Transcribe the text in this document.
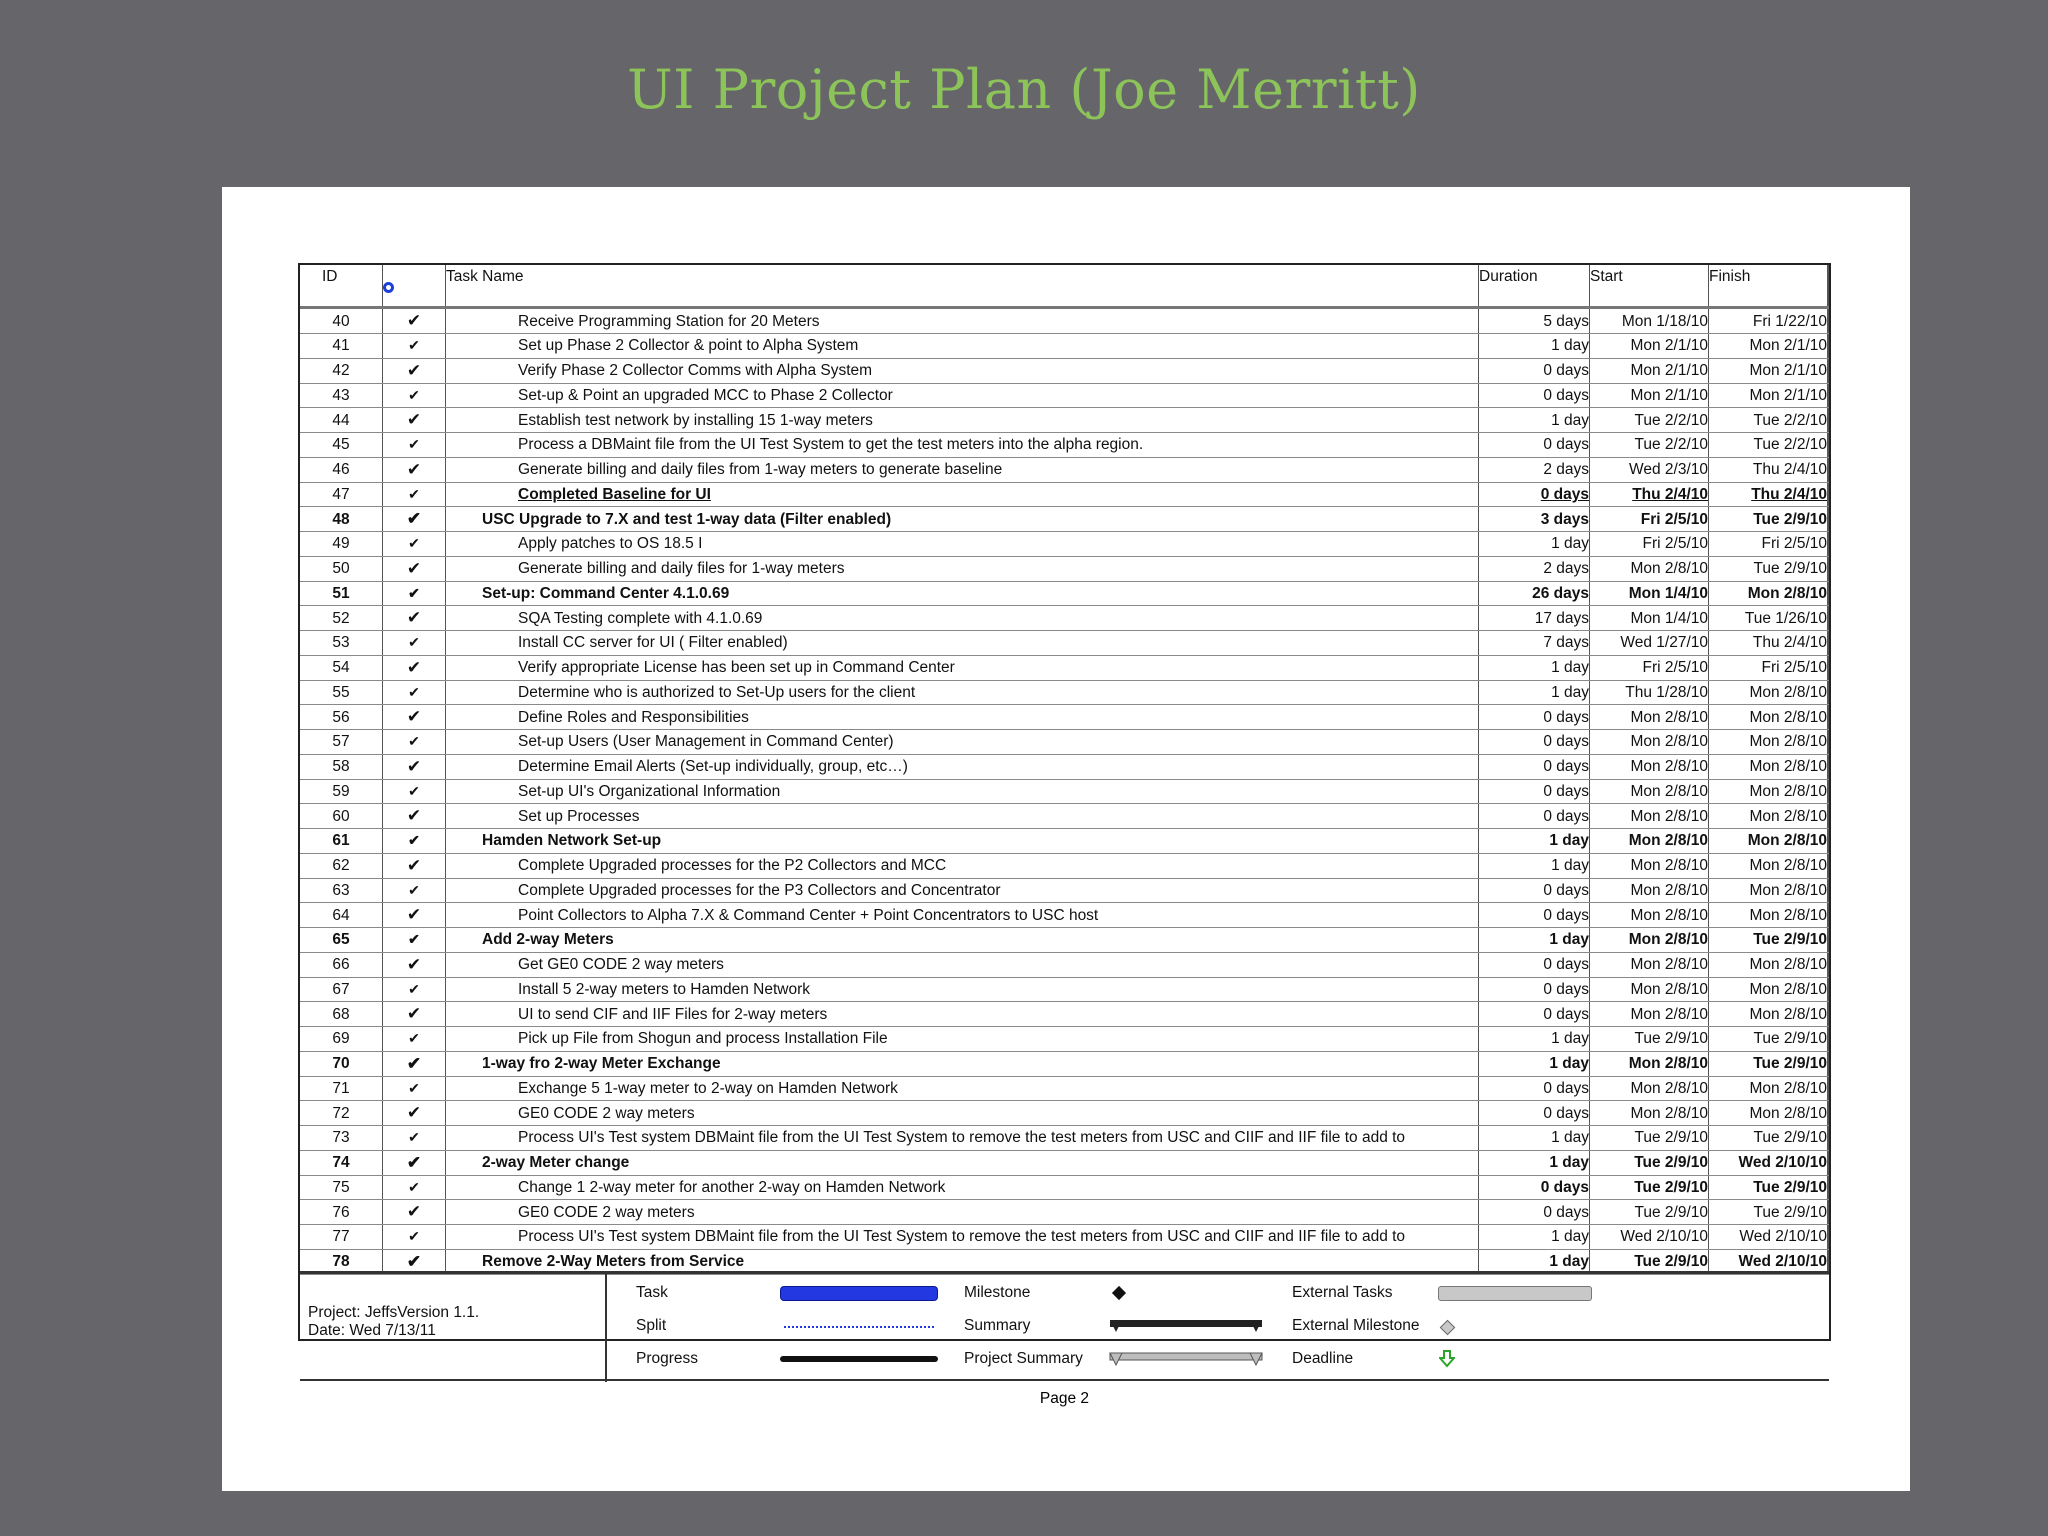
UI Project Plan (Joe Merritt)
ID		Task Name	Duration	Start	Finish	
40	✔	Receive Programming Station for 20 Meters	5 days	Mon 1/18/10	Fri 1/22/10	
41	✔	Set up Phase 2 Collector & point to Alpha System	1 day	Mon 2/1/10	Mon 2/1/10	
42	✔	Verify Phase 2 Collector Comms with Alpha System	0 days	Mon 2/1/10	Mon 2/1/10	
43	✔	Set-up & Point an upgraded MCC to Phase 2 Collector	0 days	Mon 2/1/10	Mon 2/1/10	
44	✔	Establish test network by installing 15 1-way meters	1 day	Tue 2/2/10	Tue 2/2/10	
45	✔	Process a DBMaint file from the UI Test System to get the test meters into the alpha region.	0 days	Tue 2/2/10	Tue 2/2/10	
46	✔	Generate billing and daily files from 1-way meters to generate baseline	2 days	Wed 2/3/10	Thu 2/4/10	
47	✔	Completed Baseline for UI	0 days	Thu 2/4/10	Thu 2/4/10	
48	✔	USC Upgrade to 7.X and test 1-way data (Filter enabled)	3 days	Fri 2/5/10	Tue 2/9/10	
49	✔	Apply patches to OS 18.5 I	1 day	Fri 2/5/10	Fri 2/5/10	
50	✔	Generate billing and daily files for 1-way meters	2 days	Mon 2/8/10	Tue 2/9/10	
51	✔	Set-up: Command Center 4.1.0.69	26 days	Mon 1/4/10	Mon 2/8/10	
52	✔	SQA Testing complete with 4.1.0.69	17 days	Mon 1/4/10	Tue 1/26/10	
53	✔	Install CC server for UI ( Filter enabled)	7 days	Wed 1/27/10	Thu 2/4/10	
54	✔	Verify appropriate License has been set up in Command Center	1 day	Fri 2/5/10	Fri 2/5/10	
55	✔	Determine who is authorized to Set-Up users for the client	1 day	Thu 1/28/10	Mon 2/8/10	
56	✔	Define Roles and Responsibilities	0 days	Mon 2/8/10	Mon 2/8/10	
57	✔	Set-up Users (User Management in Command Center)	0 days	Mon 2/8/10	Mon 2/8/10	
58	✔	Determine Email Alerts (Set-up individually, group, etc…)	0 days	Mon 2/8/10	Mon 2/8/10	
59	✔	Set-up UI's Organizational Information	0 days	Mon 2/8/10	Mon 2/8/10	
60	✔	Set up Processes	0 days	Mon 2/8/10	Mon 2/8/10	
61	✔	Hamden Network Set-up	1 day	Mon 2/8/10	Mon 2/8/10	
62	✔	Complete Upgraded processes for the P2 Collectors and MCC	1 day	Mon 2/8/10	Mon 2/8/10	
63	✔	Complete Upgraded processes for the P3 Collectors and Concentrator	0 days	Mon 2/8/10	Mon 2/8/10	
64	✔	Point Collectors to Alpha 7.X & Command Center + Point Concentrators to USC host	0 days	Mon 2/8/10	Mon 2/8/10	
65	✔	Add 2-way Meters	1 day	Mon 2/8/10	Tue 2/9/10	
66	✔	Get GE0 CODE 2 way meters	0 days	Mon 2/8/10	Mon 2/8/10	
67	✔	Install 5 2-way meters to Hamden Network	0 days	Mon 2/8/10	Mon 2/8/10	
68	✔	UI to send CIF and IIF Files for 2-way meters	0 days	Mon 2/8/10	Mon 2/8/10	
69	✔	Pick up File from Shogun and process Installation File	1 day	Tue 2/9/10	Tue 2/9/10	
70	✔	1-way fro 2-way Meter Exchange	1 day	Mon 2/8/10	Tue 2/9/10	
71	✔	Exchange 5 1-way meter to 2-way on Hamden Network	0 days	Mon 2/8/10	Mon 2/8/10	
72	✔	GE0 CODE 2 way meters	0 days	Mon 2/8/10	Mon 2/8/10	
73	✔	Process UI's Test system DBMaint file from the UI Test System to remove the test meters from USC and CIIF and IIF file to add to	1 day	Tue 2/9/10	Tue 2/9/10	
74	✔	2-way Meter change	1 day	Tue 2/9/10	Wed 2/10/10	
75	✔	Change 1 2-way meter for another 2-way on Hamden Network	0 days	Tue 2/9/10	Tue 2/9/10	
76	✔	GE0 CODE 2 way meters	0 days	Tue 2/9/10	Tue 2/9/10	
77	✔	Process UI's Test system DBMaint file from the UI Test System to remove the test meters from USC and CIIF and IIF file to add to	1 day	Wed 2/10/10	Wed 2/10/10	
78	✔	Remove 2-Way Meters from Service	1 day	Tue 2/9/10	Wed 2/10/10	
Project: JeffsVersion 1.1.
Date: Wed 7/13/11
Task
Split
Progress
Milestone
Summary
Project Summary
External Tasks
External Milestone
Deadline
Page 2
